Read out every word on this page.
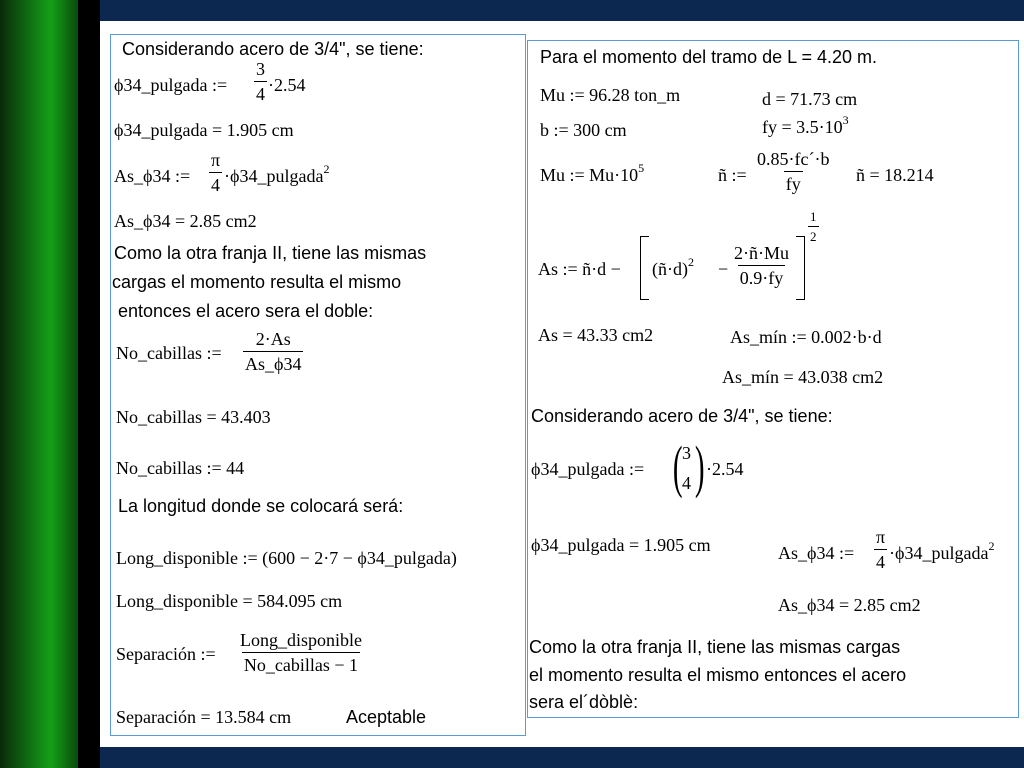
Considerando acero de 3/4", se tiene:
ϕ34_pulgada := $\frac{3}{4} \cdot 2.54$
ϕ34_pulgada = 1.905 cm
As_ϕ34 := $\frac{\pi}{4}$ ·ϕ34_pulgada$^2$
As_ϕ34 = 2.85 cm2
Como la otra franja II, tiene las mismas
cargas el momento resulta el mismo
entonces el acero sera el doble:
No_cabillas := $\frac{2\cdot As}{As\_\phi 34}$
No_cabillas = 43.403
No_cabillas := 44
La longitud donde se colocará será:
Long_disponible := (600 − 2·7 − ϕ34_pulgada)
Long_disponible = 584.095 cm
Separación :=
Long_disponible
No_cabillas − 1
Separación = 13.584 cm	Aceptable
Para el momento del tramo de L = 4.20 m.
Mu := 96.28 ton_m	d = 71.73 cm
b := 300 cm	fy = $3.5\cdot 10^3$
Mu := $Mu\cdot 10^5$	ñ := $\frac{0.85\cdot fc´\cdot b}{fy}$ ñ = 18.214
As := ñ·d − (ñ·d)$^2$ − $\frac{2\cdot ñ\cdot Mu}{0.9\cdot fy}$
$\frac{1}{2}$
As = 43.33 cm2	As_mín := 0.002·b·d
As_mín = 43.038 cm2
Considerando acero de 3/4", se tiene:
ϕ34_pulgada := ( 3
4 ) ·2.54
ϕ34_pulgada = 1.905 cm	As_ϕ34 := $\frac{\pi}{4}$ ·ϕ34_pulgada$^2$
As_ϕ34 = 2.85 cm2
Como la otra franja II, tiene las mismas cargas
el momento resulta el mismo entonces el acero
sera el´dòblè:
